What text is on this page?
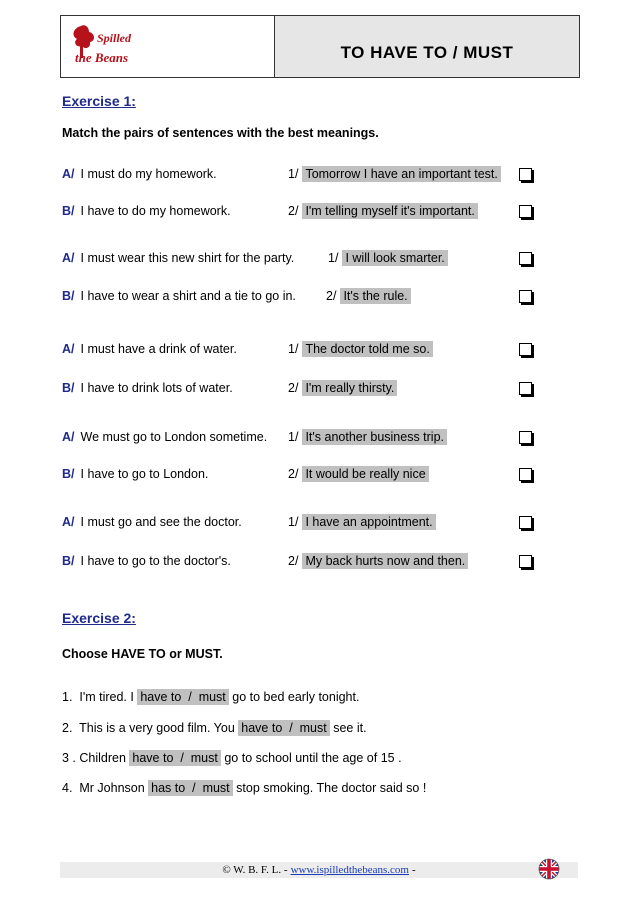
Spilled
the Beans	TO HAVE TO / MUST
Exercise 1:
Match the pairs of sentences with the best meanings.
A/ I must do my homework.	1/ Tomorrow I have an important test.
B/ I have to do my homework.	2/ I'm telling myself it's important.
A/ I must wear this new shirt for the party.	1/ I will look smarter.
B/ I have to wear a shirt and a tie to go in. 2/ It's the rule.
A/ I must have a drink of water.	1/ The doctor told me so.
B/ I have to drink lots of water.	2/ I'm really thirsty.
A/ We must go to London sometime. 1/ It's another business trip.
B/ I have to go to London.	2/ It would be really nice
A/ I must go and see the doctor.	1/ I have an appointment.
B/ I have to go to the doctor's.	2/ My back hurts now and then.
Exercise 2:
Choose HAVE TO or MUST.
1.  I'm tired. I have to  /  must go to bed early tonight.
2.  This is a very good film. You have to  /  must see it.
3 . Children have to  /  must go to school until the age of 15 .
4.  Mr Johnson has to  /  must stop smoking. The doctor said so !
© W. B. F. L. - www.ispilledthebeans.com -
